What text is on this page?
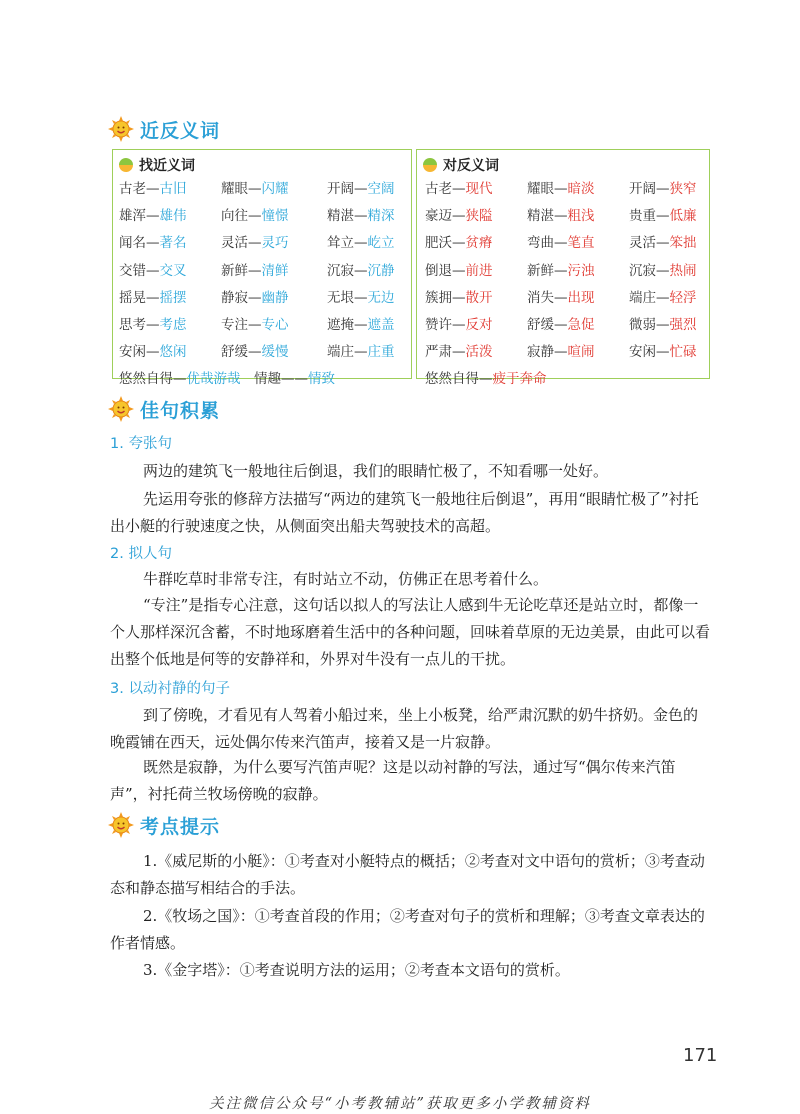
近反义词
找近义词
古老—古旧	耀眼—闪耀	开阔—空阔
雄浑—雄伟	向往—憧憬	精湛—精深
闻名—著名	灵活—灵巧	耸立—屹立
交错—交叉	新鲜—清鲜	沉寂—沉静
摇晃—摇摆	静寂—幽静	无垠—无边
思考—考虑	专注—专心	遮掩—遮盖
安闲—悠闲	舒缓—缓慢	端庄—庄重
悠然自得—优哉游哉 情趣——情致
对反义词
古老—现代	耀眼—暗淡	开阔—狭窄
豪迈—狭隘	精湛—粗浅	贵重—低廉
肥沃—贫瘠	弯曲—笔直	灵活—笨拙
倒退—前进	新鲜—污浊	沉寂—热闹
簇拥—散开	消失—出现	端庄—轻浮
赞许—反对	舒缓—急促	微弱—强烈
严肃—活泼	寂静—喧闹	安闲—忙碌
悠然自得—疲于奔命
佳句积累
1. 夸张句
两边的建筑飞一般地往后倒退，我们的眼睛忙极了，不知看哪一处好。
先运用夸张的修辞方法描写“两边的建筑飞一般地往后倒退”，再用“眼睛忙极了”衬托出小艇的行驶速度之快，从侧面突出船夫驾驶技术的高超。
2. 拟人句
牛群吃草时非常专注，有时站立不动，仿佛正在思考着什么。
“专注”是指专心注意，这句话以拟人的写法让人感到牛无论吃草还是站立时，都像一个人那样深沉含蓄，不时地琢磨着生活中的各种问题，回味着草原的无边美景，由此可以看出整个低地是何等的安静祥和，外界对牛没有一点儿的干扰。
3. 以动衬静的句子
到了傍晚，才看见有人驾着小船过来，坐上小板凳，给严肃沉默的奶牛挤奶。金色的晚霞铺在西天，远处偶尔传来汽笛声，接着又是一片寂静。
既然是寂静，为什么要写汽笛声呢？这是以动衬静的写法，通过写“偶尔传来汽笛声”，衬托荷兰牧场傍晚的寂静。
考点提示
1.《威尼斯的小艇》：①考查对小艇特点的概括；②考查对文中语句的赏析；③考查动态和静态描写相结合的手法。
2.《牧场之国》：①考查首段的作用；②考查对句子的赏析和理解；③考查文章表达的作者情感。
3.《金字塔》：①考查说明方法的运用；②考查本文语句的赏析。
171
关注微信公众号“小考教辅站”获取更多小学教辅资料
